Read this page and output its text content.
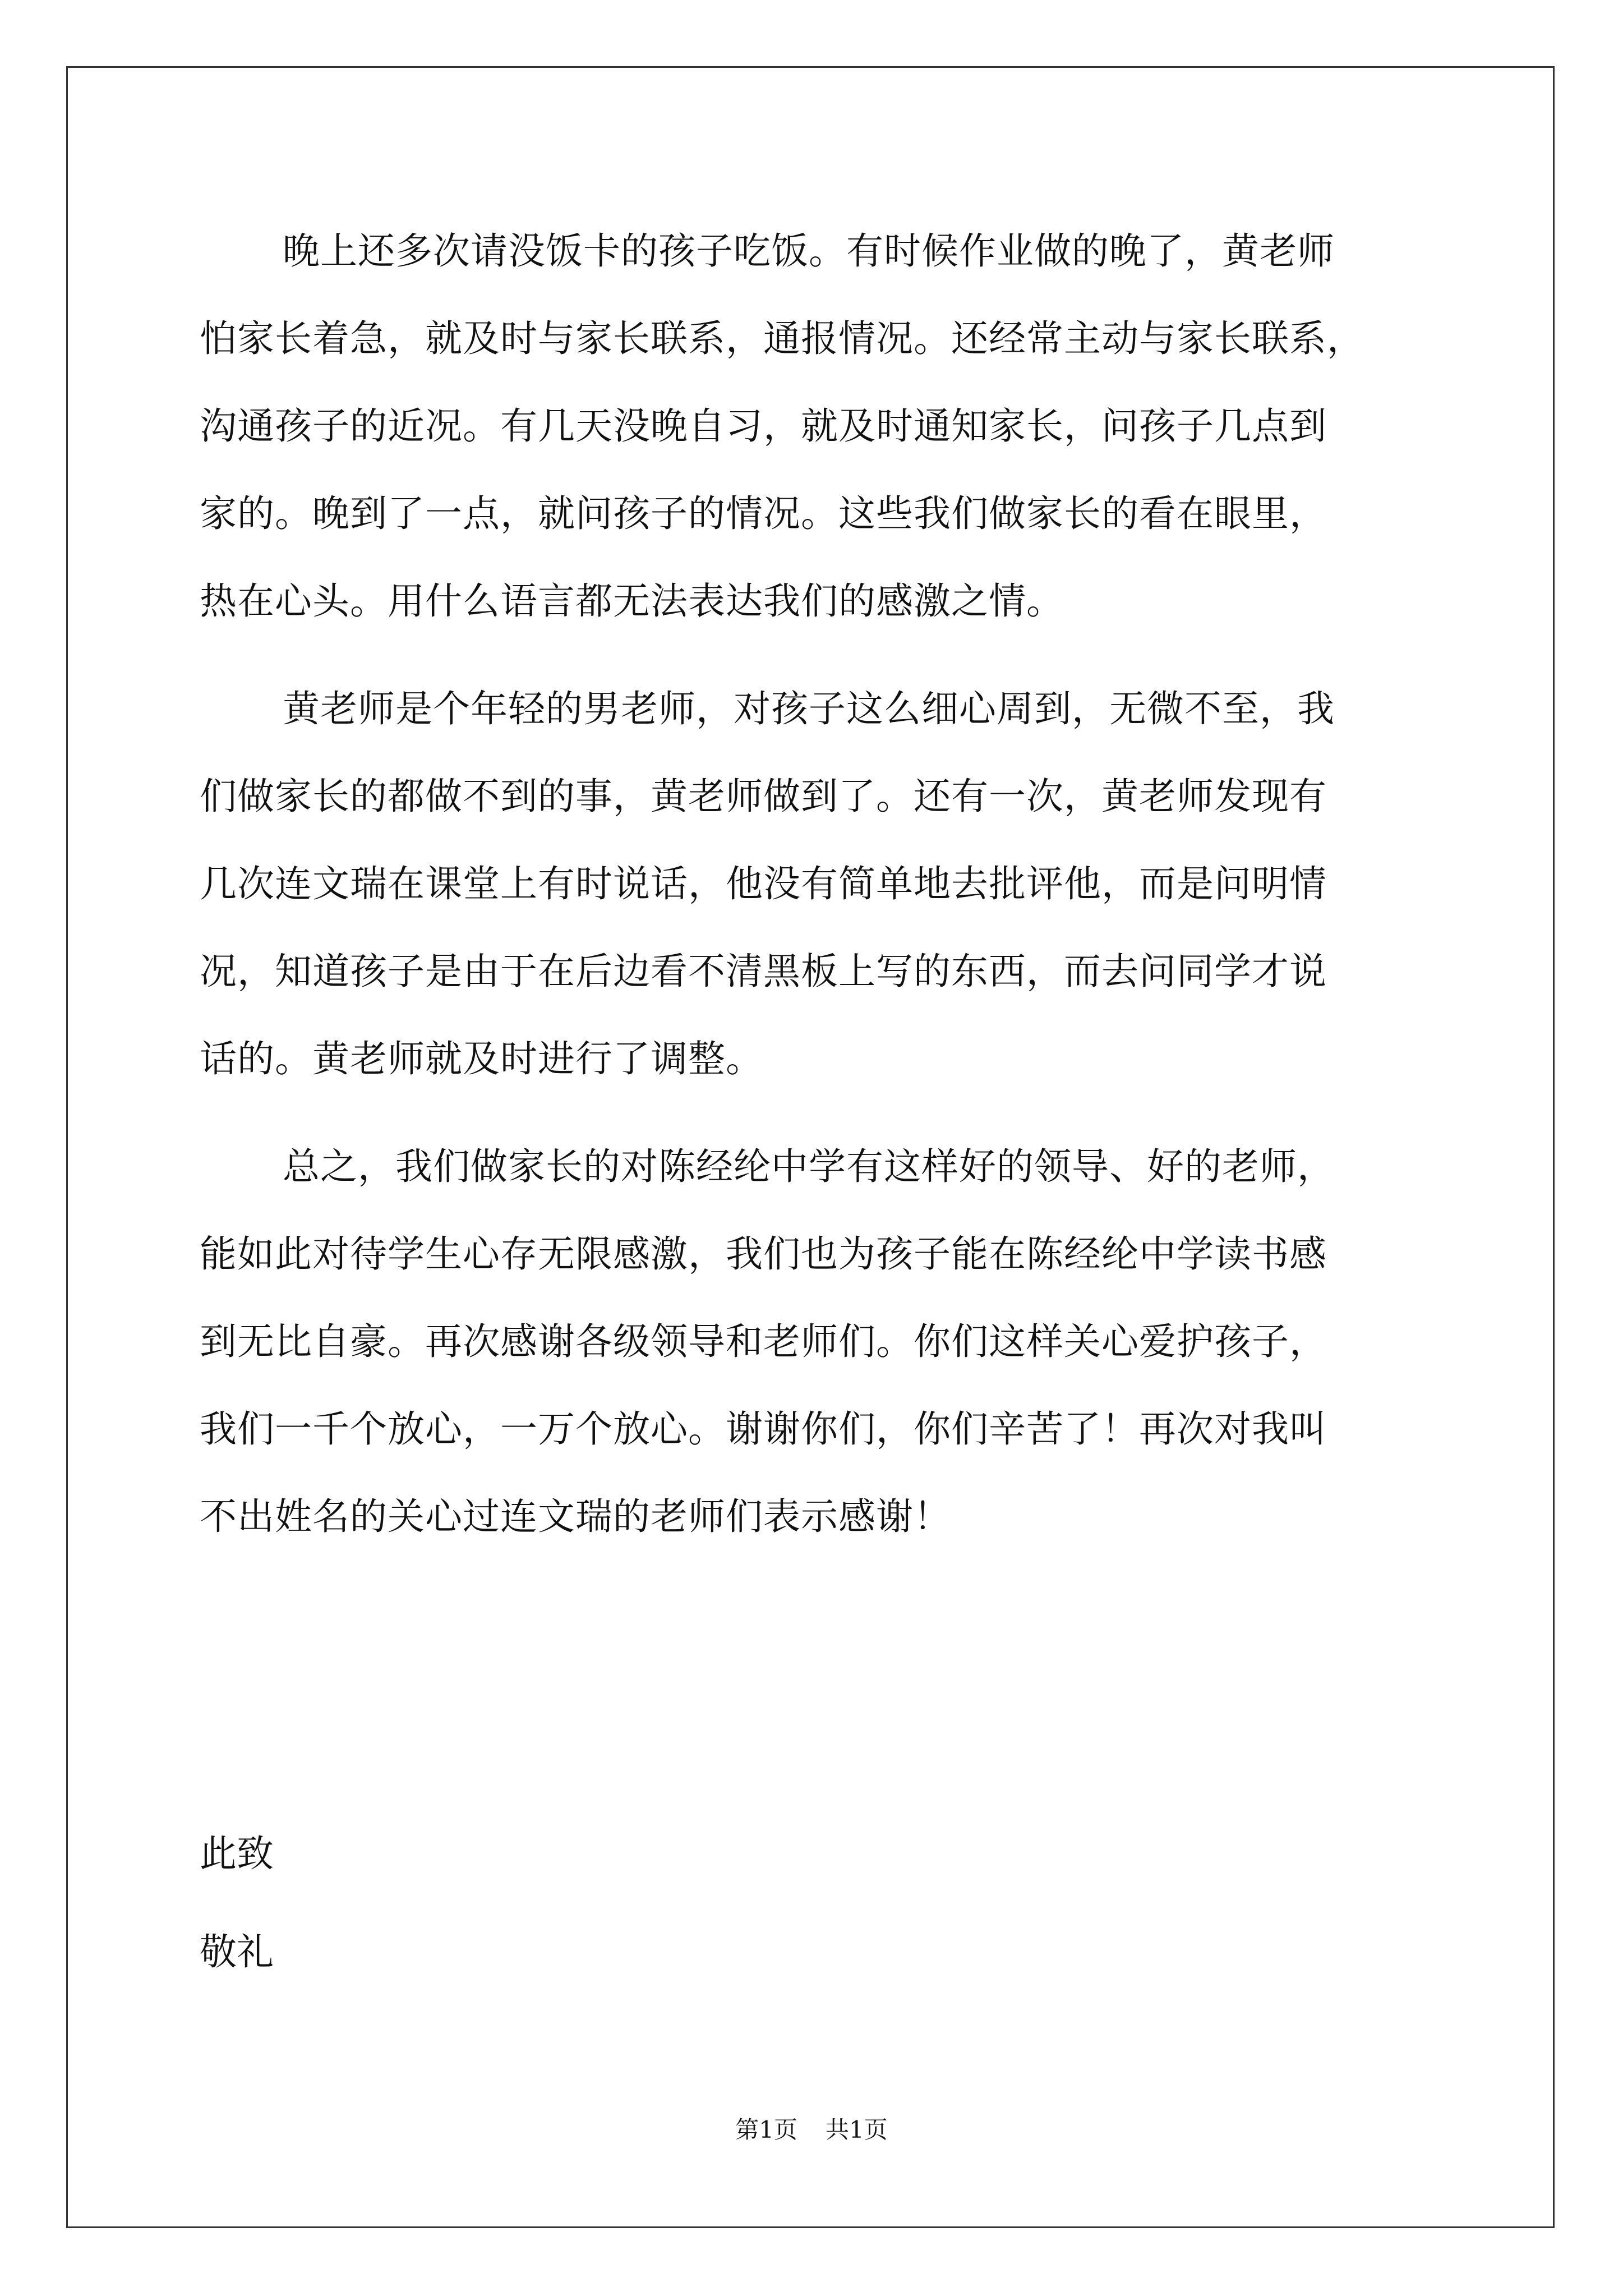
晚上还多次请没饭卡的孩子吃饭。有时候作业做的晚了，黄老师
怕家长着急，就及时与家长联系，通报情况。还经常主动与家长联系，
沟通孩子的近况。有几天没晚自习，就及时通知家长，问孩子几点到
家的。晚到了一点，就问孩子的情况。这些我们做家长的看在眼里，
热在心头。用什么语言都无法表达我们的感激之情。
黄老师是个年轻的男老师，对孩子这么细心周到，无微不至，我
们做家长的都做不到的事，黄老师做到了。还有一次，黄老师发现有
几次连文瑞在课堂上有时说话，他没有简单地去批评他，而是问明情
况，知道孩子是由于在后边看不清黑板上写的东西，而去问同学才说
话的。黄老师就及时进行了调整。
总之，我们做家长的对陈经纶中学有这样好的领导、好的老师，
能如此对待学生心存无限感激，我们也为孩子能在陈经纶中学读书感
到无比自豪。再次感谢各级领导和老师们。你们这样关心爱护孩子，
我们一千个放心，一万个放心。谢谢你们，你们辛苦了！再次对我叫
不出姓名的关心过连文瑞的老师们表示感谢！
此致
敬礼
第1页 共1页
